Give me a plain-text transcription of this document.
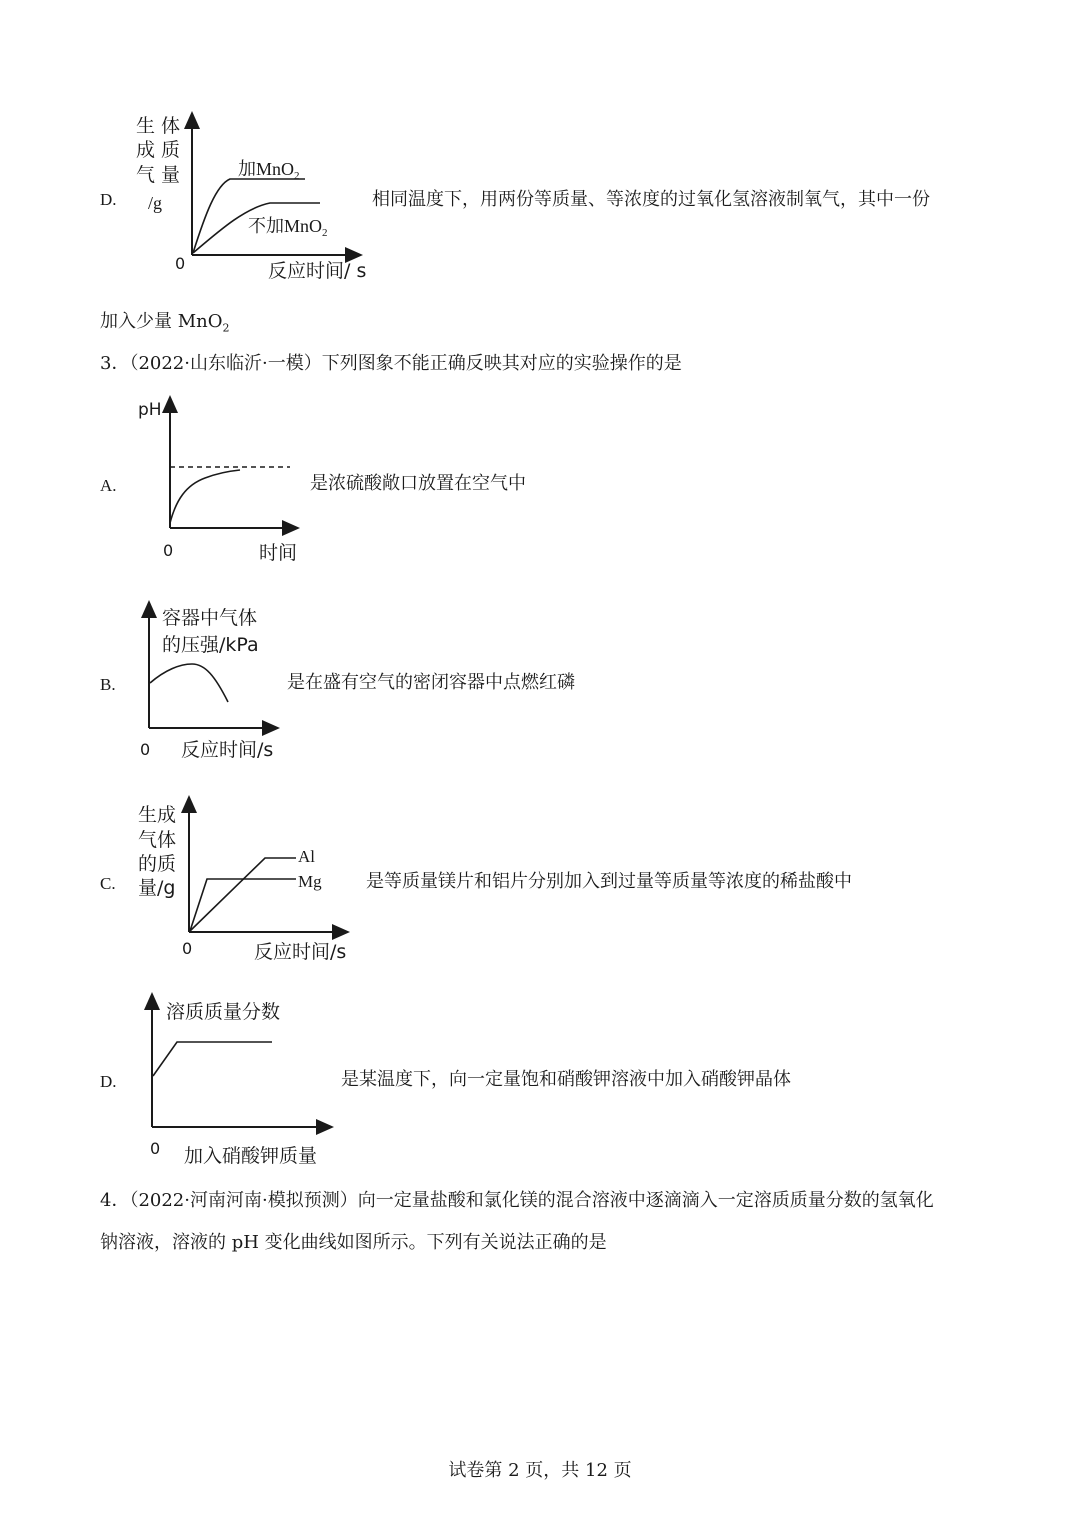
D.
生 体
成 质
气 量
/g
0	反应时间/ s
加MnO$_2$
不加MnO$_2$
相同温度下，用两份等质量、等浓度的过氧化氢溶液制氧气，其中一份
加入少量 MnO$_2$
3．（2022·山东临沂·一模）下列图象不能正确反映其对应的实验操作的是
A.
pH
0	时间
是浓硫酸敞口放置在空气中
B.
容器中气体
的压强/kPa
0 反应时间/s
是在盛有空气的密闭容器中点燃红磷
C.
Al
Mg
生成
气体
的质
量/g
0	反应时间/s
是等质量镁片和铝片分别加入到过量等质量等浓度的稀盐酸中
D.
溶质质量分数
0 加入硝酸钾质量
是某温度下，向一定量饱和硝酸钾溶液中加入硝酸钾晶体
4．（2022·河南河南·模拟预测）向一定量盐酸和氯化镁的混合溶液中逐滴滴入一定溶质质量分数的氢氧化
钠溶液，溶液的 pH 变化曲线如图所示。下列有关说法正确的是
试卷第 2 页，共 12 页
